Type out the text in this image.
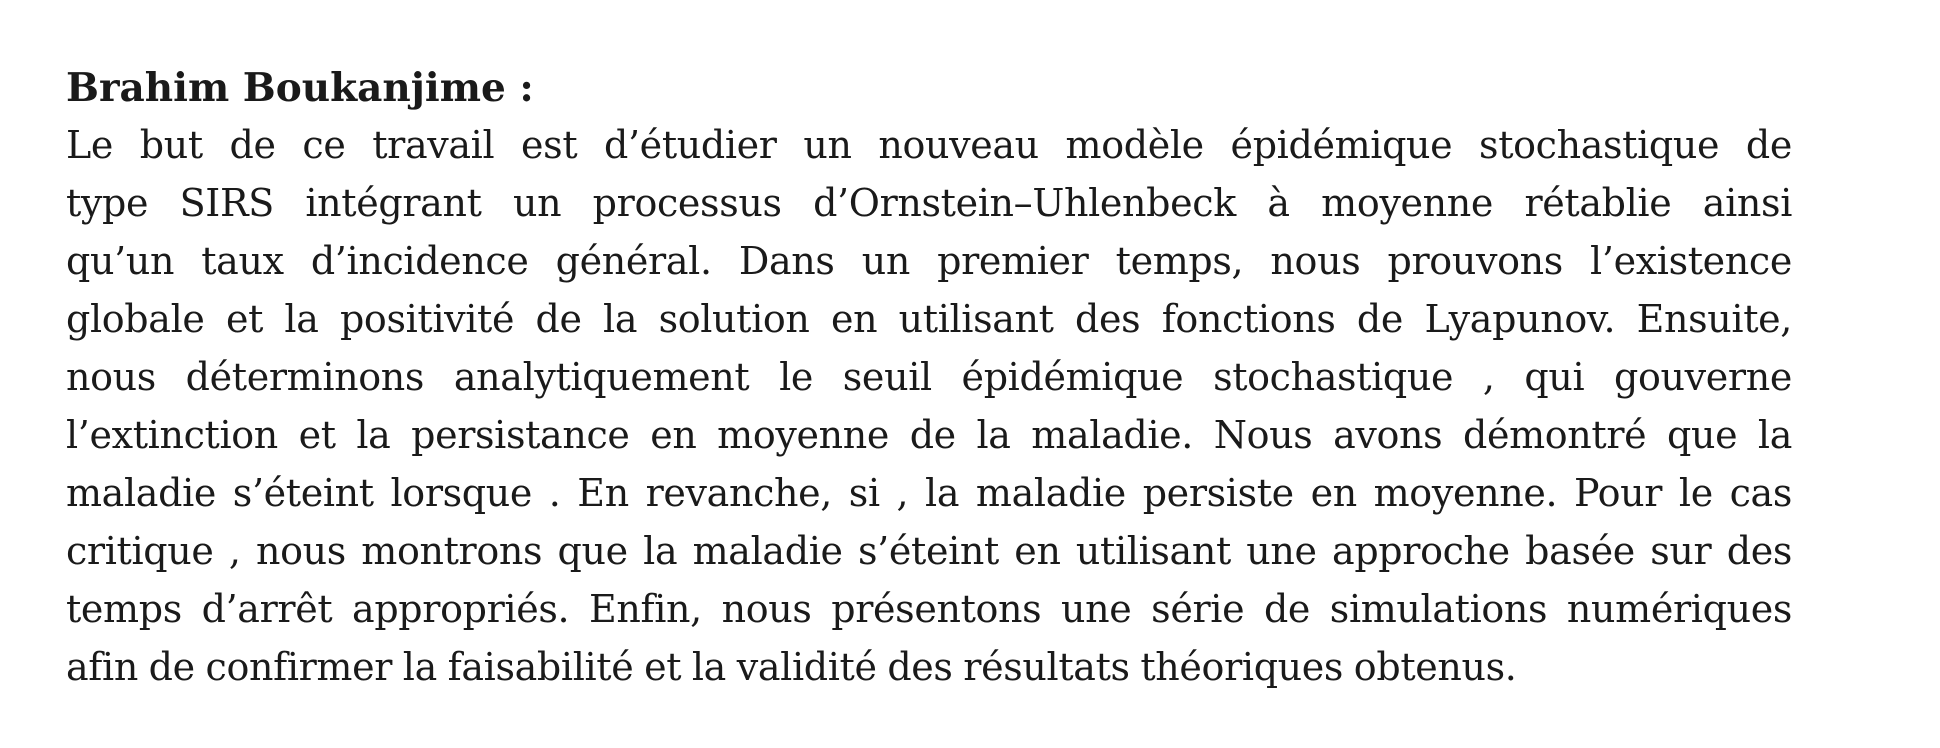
Brahim Boukanjime :
Le but de ce travail est d’étudier un nouveau modèle épidémique stochastique de
type SIRS intégrant un processus d’Ornstein–Uhlenbeck à moyenne rétablie ainsi
qu’un taux d’incidence général. Dans un premier temps, nous prouvons l’existence
globale et la positivité de la solution en utilisant des fonctions de Lyapunov. Ensuite,
nous déterminons analytiquement le seuil épidémique stochastique , qui gouverne
l’extinction et la persistance en moyenne de la maladie. Nous avons démontré que la
maladie s’éteint lorsque . En revanche, si , la maladie persiste en moyenne. Pour le cas
critique , nous montrons que la maladie s’éteint en utilisant une approche basée sur des
temps d’arrêt appropriés. Enfin, nous présentons une série de simulations numériques
afin de confirmer la faisabilité et la validité des résultats théoriques obtenus.
